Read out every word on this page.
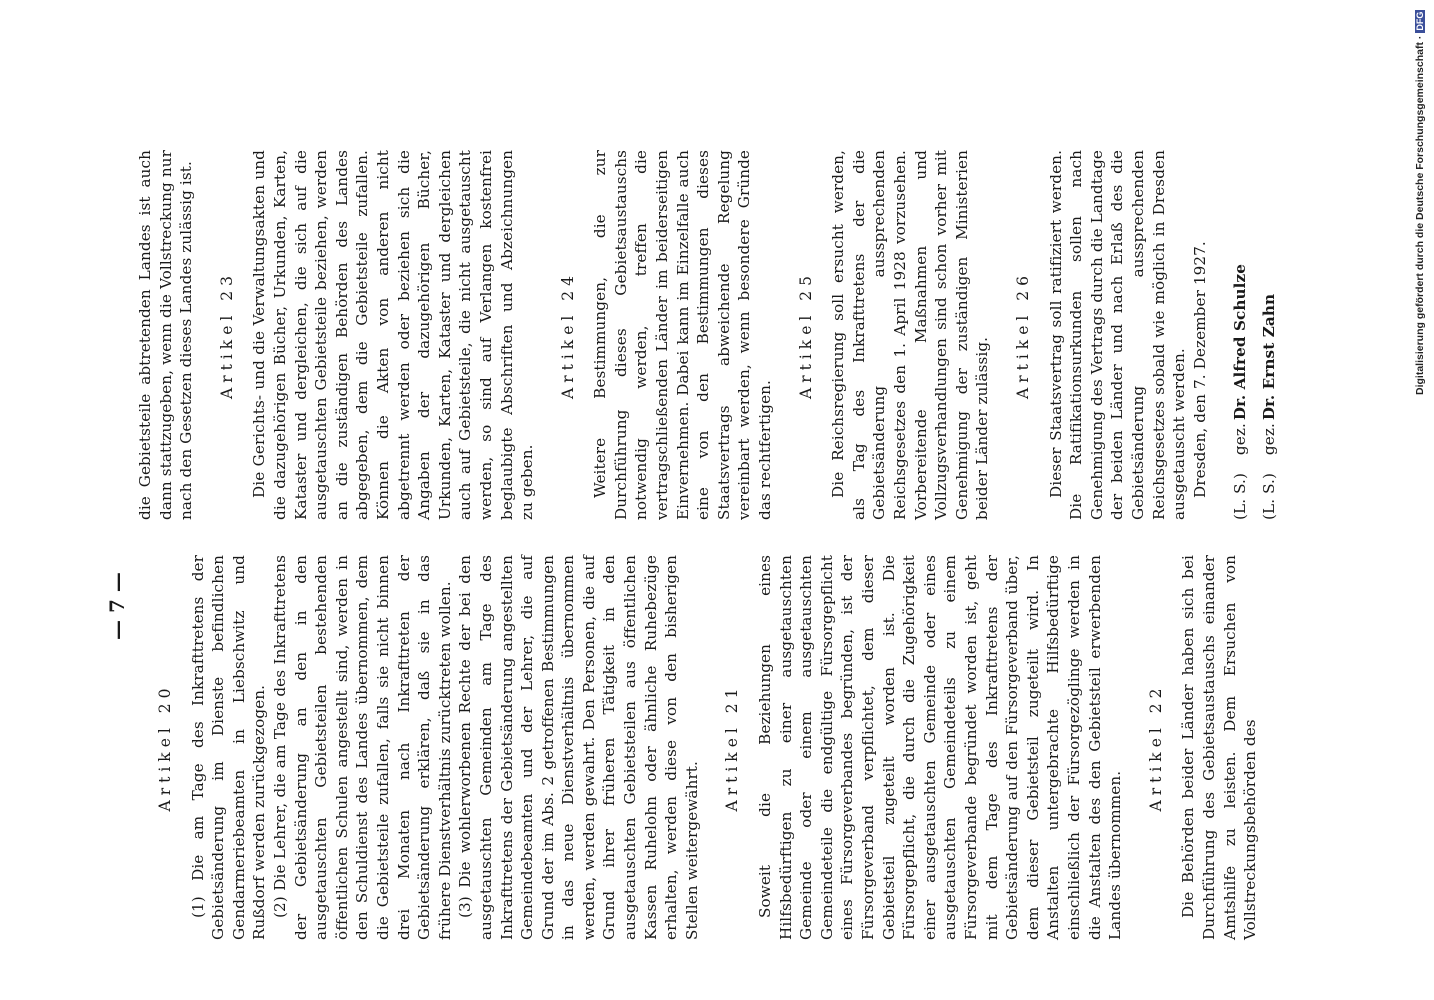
— 7 —
Artikel 20 (1) Die am Tage des Inkrafttretens der Gebietsänderung im Dienste befindlichen Gendarmeriebeamten in Liebschwitz und Rußdorf werden zurückgezogen. (2) Die Lehrer, die am Tage des Inkrafttretens der Gebietsänderung an den in den ausgetauschten Gebietsteilen bestehenden öffentlichen Schulen angestellt sind, werden in den Schuldienst des Landes übernommen, dem die Gebietsteile zufallen, falls sie nicht binnen drei Monaten nach Inkrafttreten der Gebietsänderung erklären, daß sie in das frühere Dienstverhältnis zurücktreten wollen. (3) Die wohlerworbenen Rechte der bei den ausgetauschten Gemeinden am Tage des Inkrafttretens der Gebietsänderung angestellten Gemeindebeamten und der Lehrer, die auf Grund der im Abs. 2 getroffenen Bestimmungen in das neue Dienstverhältnis übernommen werden, werden gewahrt. Den Personen, die auf Grund ihrer früheren Tätigkeit in den ausgetauschten Gebietsteilen aus öffentlichen Kassen Ruhelohn oder ähnliche Ruhebezüge erhalten, werden diese von den bisherigen Stellen weitergewährt.

Artikel 21 Soweit die Beziehungen eines Hilfsbedürftigen zu einer ausgetauschten Gemeinde oder einem ausgetauschten Gemeindeteile die endgültige Fürsorgepflicht eines Fürsorgeverbandes begründen, ist der Fürsorgeverband verpflichtet, dem dieser Gebietsteil zugeteilt worden ist. Die Fürsorgepflicht, die durch die Zugehörigkeit einer ausgetauschten Gemeinde oder eines ausgetauschten Gemeindeteils zu einem Fürsorgeverbande begründet worden ist, geht mit dem Tage des Inkrafttretens der Gebietsänderung auf den Fürsorgeverband über, dem dieser Gebietsteil zugeteilt wird. In Anstalten untergebrachte Hilfsbedürftige einschließlich der Fürsorgezöglinge werden in die Anstalten des den Gebietsteil erwerbenden Landes übernommen.

Artikel 22 Die Behörden beider Länder haben sich bei Durchführung des Gebietsaustauschs einander Amtshilfe zu leisten. Dem Ersuchen von Vollstreckungsbehörden des

die Gebietsteile abtretenden Landes ist auch dann stattzugeben, wenn die Vollstreckung nur nach den Gesetzen dieses Landes zulässig ist. Artikel 23 Die Gerichts- und die Verwaltungsakten und die dazugehörigen Bücher, Urkunden, Karten, Kataster und dergleichen, die sich auf die ausgetauschten Gebietsteile beziehen, werden an die zuständigen Behörden des Landes abgegeben, dem die Gebietsteile zufallen. Können die Akten von anderen nicht abgetrennt werden oder beziehen sich die Angaben der dazugehörigen Bücher, Urkunden, Karten, Kataster und dergleichen auch auf Gebietsteile, die nicht ausgetauscht werden, so sind auf Verlangen kostenfrei beglaubigte Abschriften und Abzeichnungen zu geben.

Artikel 24 Weitere Bestimmungen, die zur Durchführung dieses Gebietsaustauschs notwendig werden, treffen die vertragschließenden Länder im beiderseitigen Einvernehmen. Dabei kann im Einzelfalle auch eine von den Bestimmungen dieses Staatsvertrags abweichende Regelung vereinbart werden, wenn besondere Gründe das rechtfertigen.

Artikel 25 Die Reichsregierung soll ersucht werden, als Tag des Inkrafttretens der die Gebietsänderung aussprechenden Reichsgesetzes den 1. April 1928 vorzusehen. Vorbereitende Maßnahmen und Vollzugsverhandlungen sind schon vorher mit Genehmigung der zuständigen Ministerien beider Länder zulässig.

Artikel 26 Dieser Staatsvertrag soll ratifiziert werden. Die Ratifikationsurkunden sollen nach Genehmigung des Vertrags durch die Landtage der beiden Länder und nach Erlaß des die Gebietsänderung aussprechenden Reichsgesetzes sobald wie möglich in Dresden ausgetauscht werden. Dresden, den 7. Dezember 1927. (L. S.) gez. Dr. Alfred Schulze
(L. S.) gez. Dr. Ernst Zahn	Digitalisierung gefördert durch die Deutsche Forschungsgemeinschaft ·DFG
